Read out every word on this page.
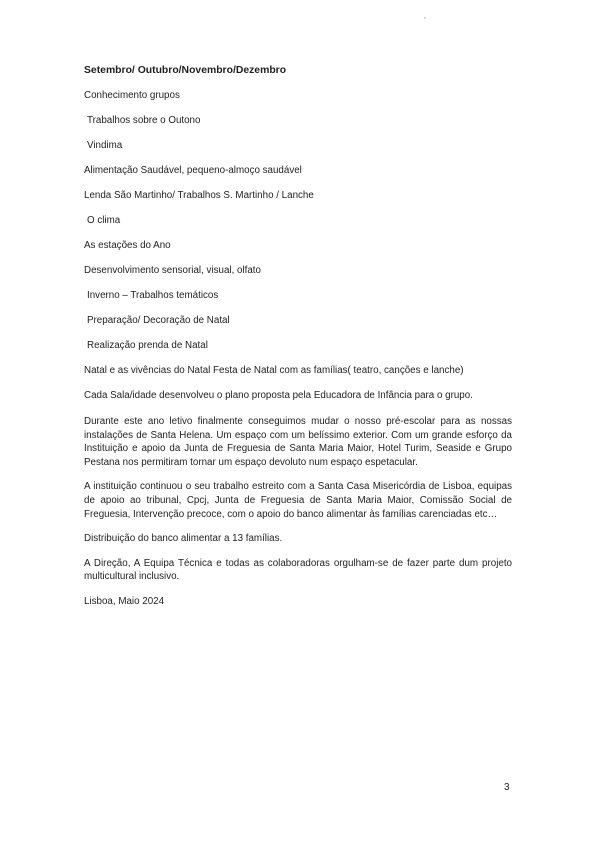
Setembro/ Outubro/Novembro/Dezembro
Conhecimento grupos
Trabalhos sobre o Outono
Vindima
Alimentação Saudável, pequeno-almoço saudável
Lenda São Martinho/ Trabalhos S. Martinho / Lanche
O clima
As estações do Ano
Desenvolvimento sensorial, visual, olfato
Inverno – Trabalhos temáticos
Preparação/ Decoração de Natal
Realização prenda de Natal
Natal e as vivências do Natal Festa de Natal com as famílias( teatro, canções e lanche)
Cada Sala/idade desenvolveu o plano proposta pela Educadora de Infância para o grupo.

Durante este ano letivo finalmente conseguimos mudar o nosso pré-escolar para as nossas instalações de Santa Helena. Um espaço com um belíssimo exterior. Com um grande esforço da Instituição e apoio da Junta de Freguesia de Santa Maria Maior, Hotel Turim, Seaside e Grupo Pestana nos permitiram tornar um espaço devoluto num espaço espetacular.

A instituição continuou o seu trabalho estreito com a Santa Casa Misericórdia de Lisboa, equipas de apoio ao tribunal, Cpcj, Junta de Freguesia de Santa Maria Maior, Comissão Social de Freguesia, Intervenção precoce, com o apoio do banco alimentar às famílias carenciadas etc…

Distribuição do banco alimentar a 13 famílias.

A Direção, A Equipa Técnica e todas as colaboradoras orgulham-se de fazer parte dum projeto multicultural inclusivo.

Lisboa, Maio 2024

3
